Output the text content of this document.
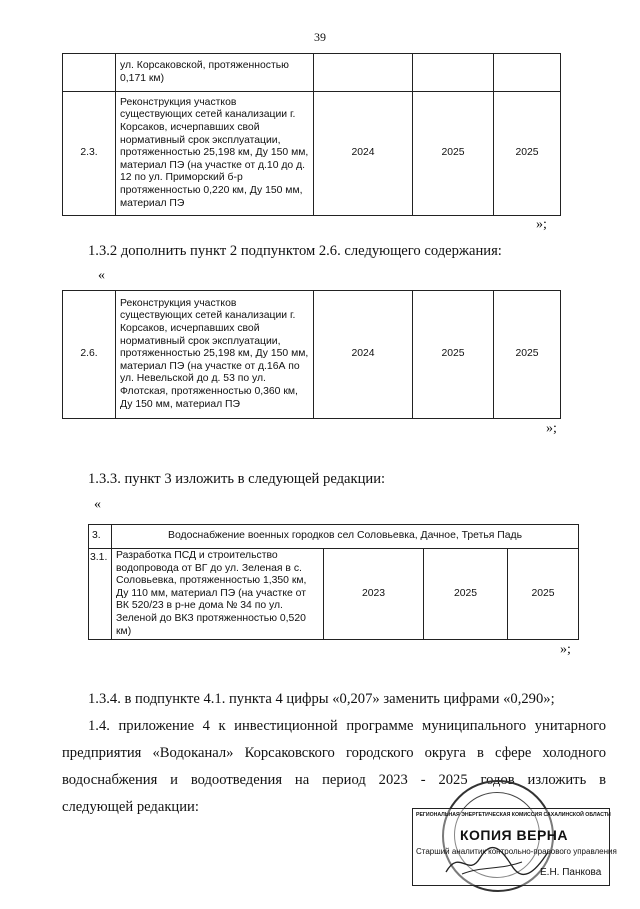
39
	ул. Корсаковской, протяженностью 0,171 км)			
2.3.	Реконструкция участков существующих сетей канализации г. Корсаков, исчерпавших свой нормативный срок эксплуатации, протяженностью 25,198 км, Ду 150 мм, материал ПЭ (на участке от д.10 до д. 12 по ул. Приморский б-р протяженностью 0,220 км, Ду 150 мм, материал ПЭ	2024	2025	2025
»;
1.3.2 дополнить пункт 2 подпунктом 2.6. следующего содержания:
«
2.6.	Реконструкция участков существующих сетей канализации г. Корсаков, исчерпавших свой нормативный срок эксплуатации, протяженностью 25,198 км, Ду 150 мм, материал ПЭ (на участке от д.16А по ул. Невельской до д. 53 по ул. Флотская, протяженностью 0,360 км, Ду 150 мм, материал ПЭ	2024	2025	2025
»;
1.3.3. пункт 3 изложить в следующей редакции:
«
3.	Водоснабжение военных городков сел Соловьевка, Дачное, Третья Падь			
3.1.	Разработка ПСД и строительство водопровода от ВГ до ул. Зеленая в с. Соловьевка, протяженностью 1,350 км, Ду 110 мм, материал ПЭ (на участке от ВК 520/23 в р-не дома № 34 по ул. Зеленой до ВКЗ протяженностью 0,520 км)	2023	2025	2025
»;
1.3.4. в подпункте 4.1. пункта 4 цифры «0,207» заменить цифрами «0,290»;
1.4. приложение 4 к инвестиционной программе муниципального унитарного
предприятия «Водоканал» Корсаковского городского округа в сфере холодного
водоснабжения и водоотведения на период 2023 - 2025 годов изложить в
следующей редакции:	РЕГИОНАЛЬНАЯ ЭНЕРГЕТИЧЕСКАЯ КОМИССИЯ САХАЛИНСКОЙ ОБЛАСТИ
КОПИЯ ВЕРНА
Старший аналитик контрольно-правового управления
Е.Н. Панкова
